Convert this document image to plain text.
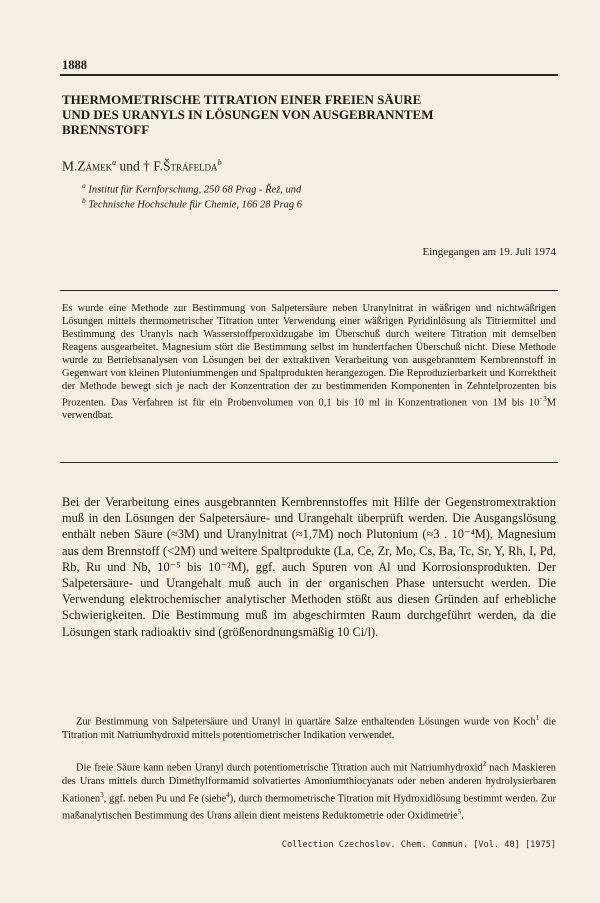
1888
THERMOMETRISCHE TITRATION EINER FREIEN SÄURE
UND DES URANYLS IN LÖSUNGEN VON AUSGEBRANNTEM
BRENNSTOFF
M.Zámek$^a$ und † F.Štráfelda$^b$
$^a$ Institut für Kernforschung, 250 68 Prag - Řež, und
$^b$ Technische Hochschule für Chemie, 166 28 Prag 6
Eingegangen am 19. Juli 1974

Es wurde eine Methode zur Bestimmung von Salpetersäure neben Uranylnitrat in wäßrigen und nichtwäßrigen Lösungen mittels thermometrischer Titration unter Verwendung einer wäßrigen Pyridinlösung als Titriermittel und Bestimmung des Uranyls nach Wasserstoffperoxidzugabe im Überschuß durch weitere Titration mit demselben Reagens ausgearbeitet. Magnesium stört die Bestimmung selbst im hundertfachen Überschuß nicht. Diese Methode wurde zu Betriebsanalysen von Lösungen bei der extraktiven Verarbeitung von ausgebranntem Kernbrennstoff in Gegenwart von kleinen Plutoniummengen und Spaltprodukten herangezogen. Die Reproduzierbarkeit und Korrektheit der Methode bewegt sich je nach der Konzentration der zu bestimmenden Komponenten in Zehntelprozenten bis Prozenten. Das Verfahren ist für ein Probenvolumen von 0,1 bis 10 ml in Konzentrationen von 1M bis $10^{-3}M$ verwendbar.

Bei der Verarbeitung eines ausgebrannten Kernbrennstoffes mit Hilfe der Gegenstromextraktion muß in den Lösungen der Salpetersäure- und Urangehalt überprüft werden. Die Ausgangslösung enthält neben Säure (≈3M) und Uranylnitrat (≈1,7M) noch Plutonium (≈3 . 10⁻⁴M), Magnesium aus dem Brennstoff (<2M) und weitere Spaltprodukte (La, Ce, Zr, Mo, Cs, Ba, Tc, Sr, Y, Rh, I, Pd, Rb, Ru und Nb, 10⁻⁵ bis 10⁻²M), ggf. auch Spuren von Al und Korrosionsprodukten. Der Salpetersäure- und Urangehalt muß auch in der organischen Phase untersucht werden. Die Verwendung elektrochemischer analytischer Methoden stößt aus diesen Gründen auf erhebliche Schwierigkeiten. Die Bestimmung muß im abgeschirmten Raum durchgeführt werden, da die Lösungen stark radioaktiv sind (größenordnungsmäßig 10 Ci/l).

Zur Bestimmung von Salpetersäure und Uranyl in quartäre Salze enthaltenden Lösungen wurde von Koch$^1$ die Titration mit Natriumhydroxid mittels potentiometrischer Indikation verwendet.

Die freie Säure kann neben Uranyl durch potentiometrische Titration auch mit Natriumhydroxid$^2$ nach Maskieren des Urans mittels durch Dimethylformamid solvatiertes Amoniumthiocyanats oder neben anderen hydrolysierbaren Kationen$^3$, ggf. neben Pu und Fe (siehe$^4$), durch thermometrische Titration mit Hydroxidlösung bestimmt werden. Zur maßanalytischen Bestimmung des Urans allein dient meistens Reduktometrie oder Oxidimetrie$^5$.

Collection Czechoslov. Chem. Commun. [Vol. 40] [1975]
